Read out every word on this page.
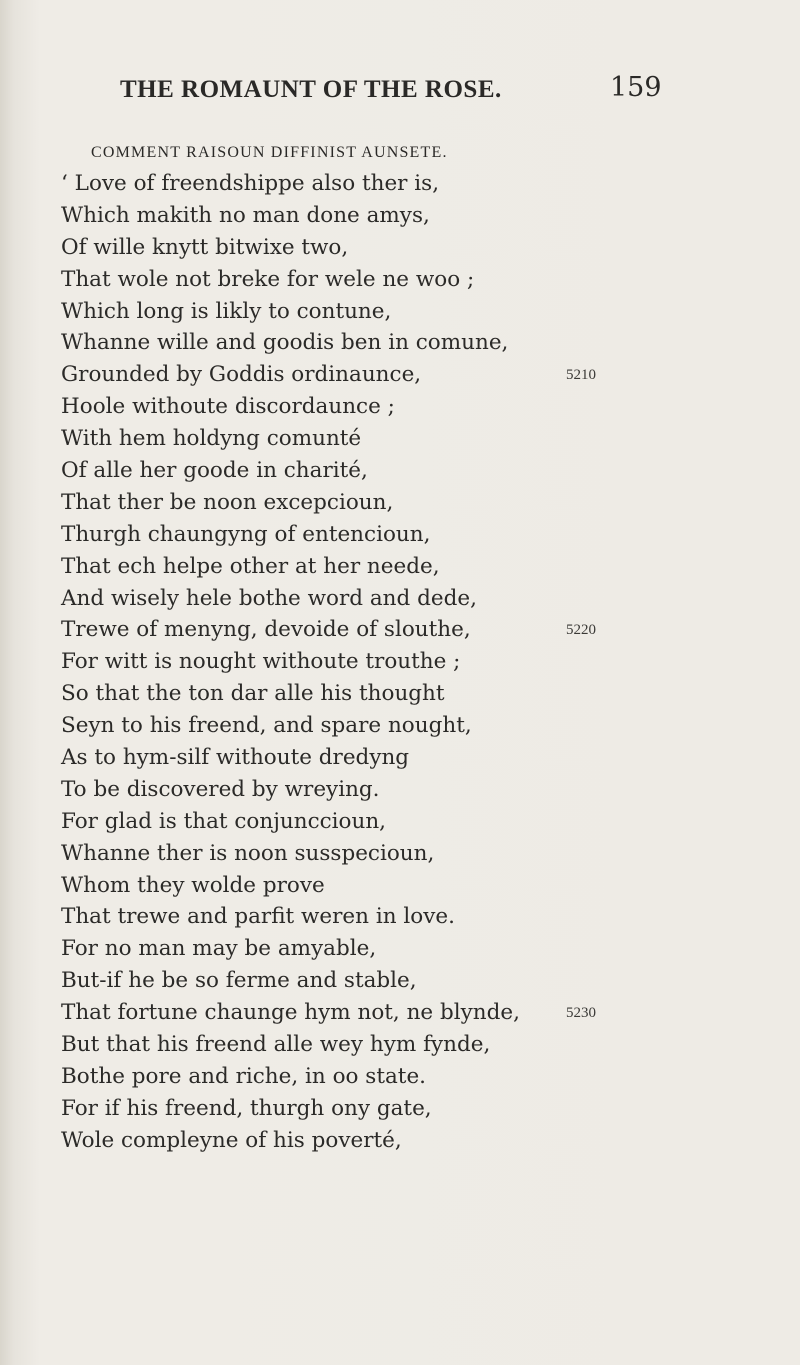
THE ROMAUNT OF THE ROSE.	159
COMMENT RAISOUN DIFFINIST AUNSETE.
‘ Love of freendshippe also ther is,
Which makith no man done amys,
Of wille knytt bitwixe two,
That wole not breke for wele ne woo ;
Which long is likly to contune,
Whanne wille and goodis ben in comune,
Grounded by Goddis ordinaunce,
Hoole withoute discordaunce ;
With hem holdyng comunté
Of alle her goode in charité,
That ther be noon excepcioun,
Thurgh chaungyng of entencioun,
That ech helpe other at her neede,
And wisely hele bothe word and dede,
Trewe of menyng, devoide of slouthe,
For witt is nought withoute trouthe ;
So that the ton dar alle his thought
Seyn to his freend, and spare nought,
As to hym-silf withoute dredyng
To be discovered by wreying.
For glad is that conjunccioun,
Whanne ther is noon susspecioun,
Whom they wolde prove
That trewe and parfit weren in love.
For no man may be amyable,
But-if he be so ferme and stable,
That fortune chaunge hym not, ne blynde,
But that his freend alle wey hym fynde,
Bothe pore and riche, in oo state.
For if his freend, thurgh ony gate,
Wole compleyne of his poverté,
5210
5220
5230
